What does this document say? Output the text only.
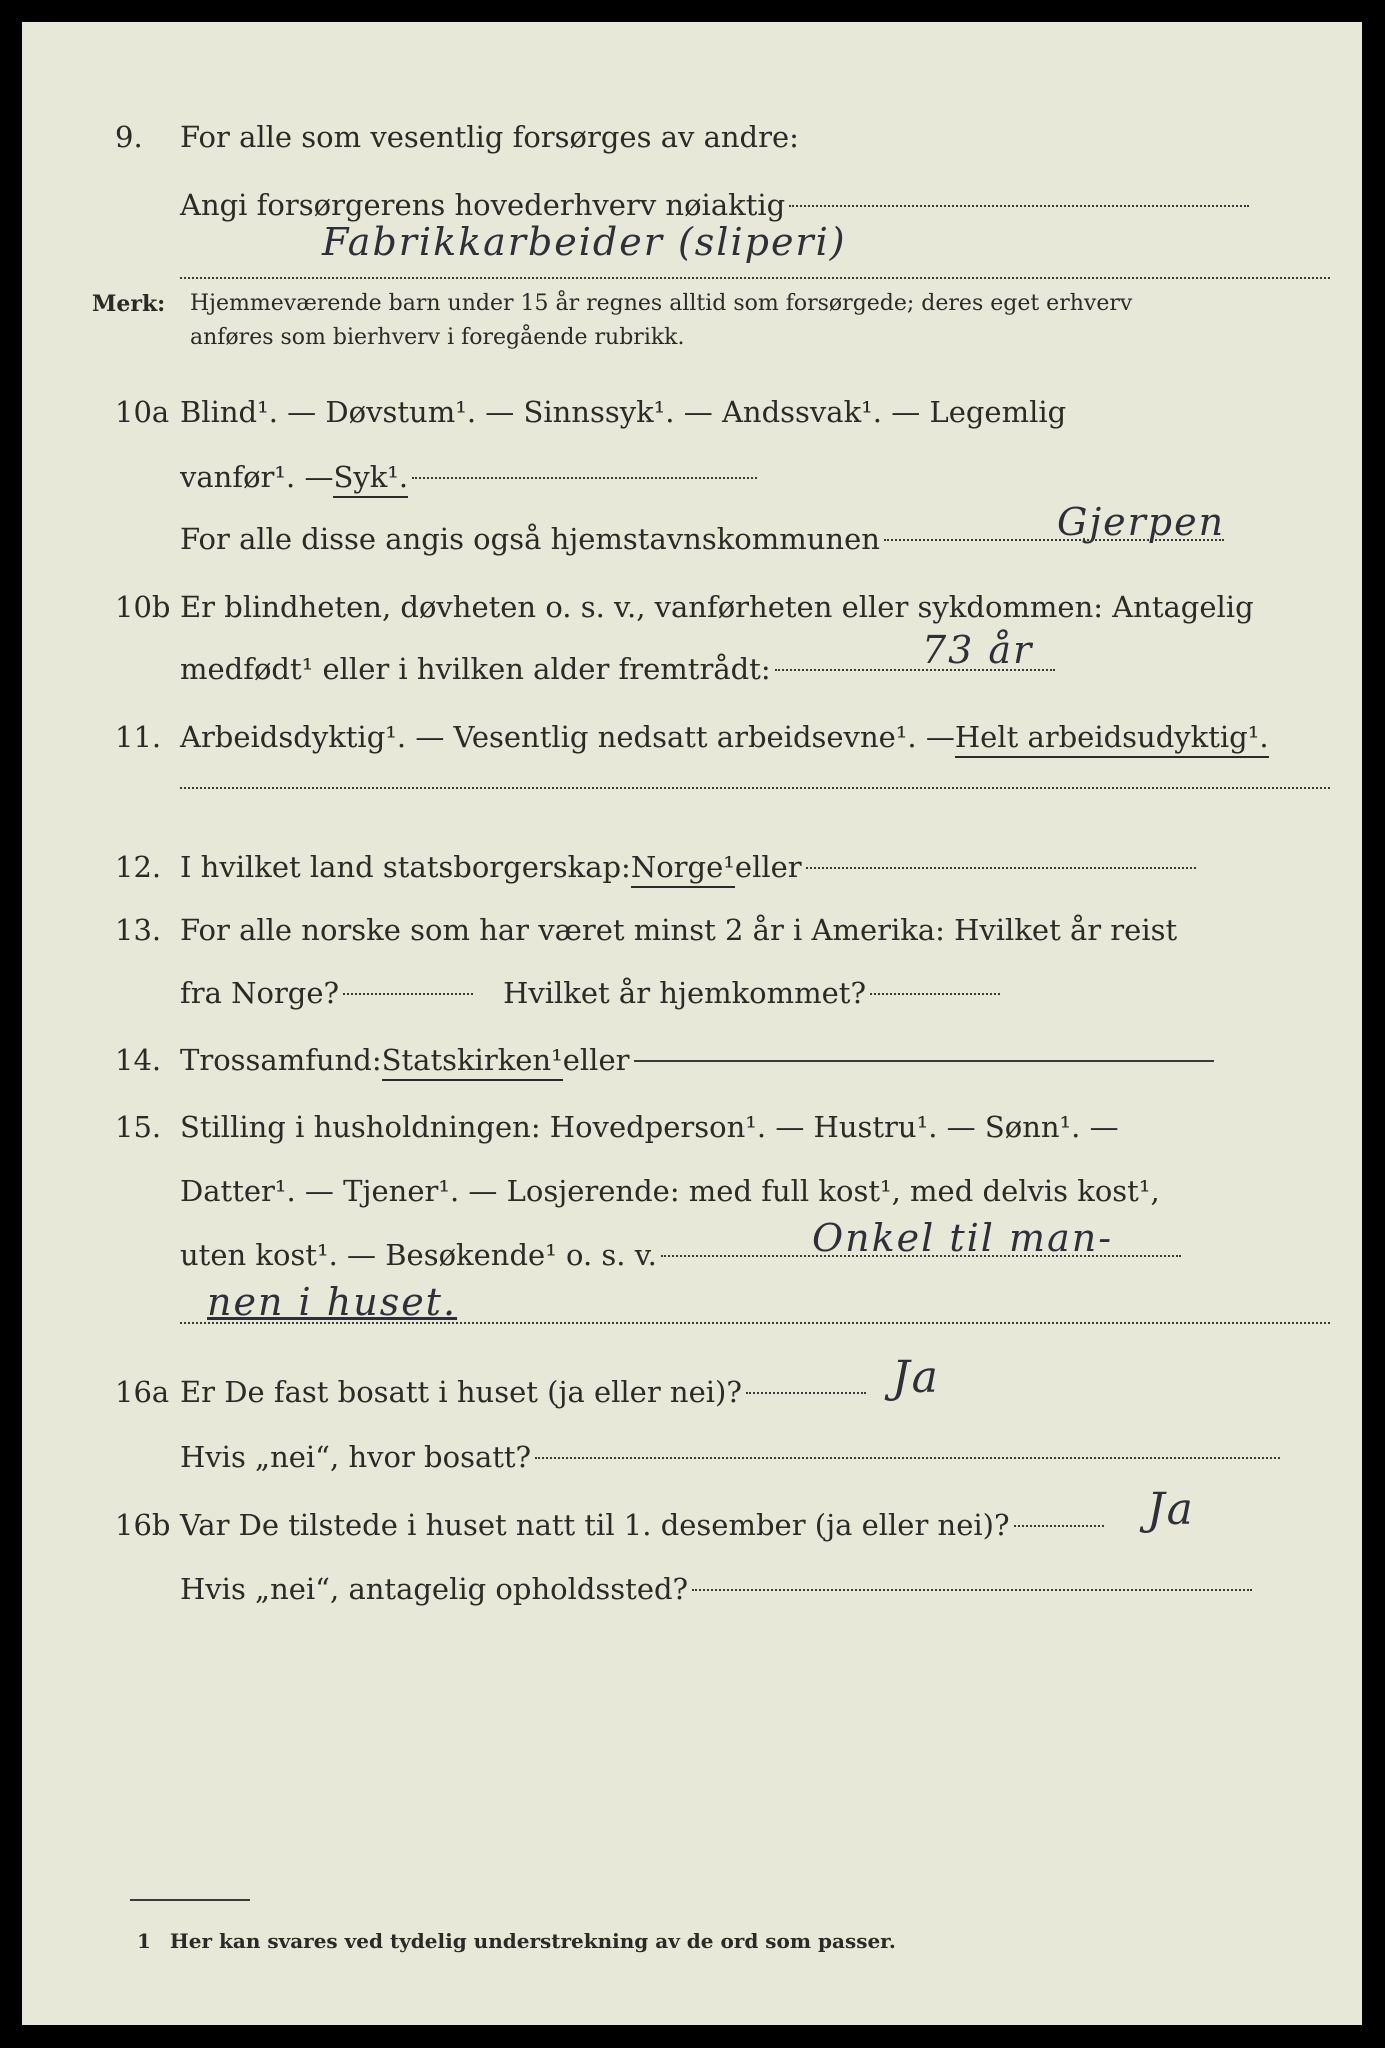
9. For alle som vesentlig forsørges av andre:
Angi forsørgerens hovederhverv nøiaktig
Fabrikkarbeider (sliperi)
Merk: Hjemmeværende barn under 15 år regnes alltid som forsørgede; deres eget erhverv
anføres som bierhverv i foregående rubrikk.
10a Blind¹. — Døvstum¹. — Sinnssyk¹. — Andssvak¹. — Legemlig
vanfør¹. — Syk¹.
For alle disse angis også hjemstavnskommunen	Gjerpen
10b Er blindheten, døvheten o. s. v., vanførheten eller sykdommen: Antagelig
medfødt¹ eller i hvilken alder fremtrådt:	73 år
11. Arbeidsdyktig¹. — Vesentlig nedsatt arbeidsevne¹. — Helt arbeidsudyktig¹.
12. I hvilket land statsborgerskap: Norge¹ eller
13. For alle norske som har været minst 2 år i Amerika: Hvilket år reist
fra Norge?	Hvilket år hjemkommet?
14. Trossamfund: Statskirken¹ eller
15. Stilling i husholdningen: Hovedperson¹. — Hustru¹. — Sønn¹. —
Datter¹. — Tjener¹. — Losjerende: med full kost¹, med delvis kost¹,
uten kost¹. — Besøkende¹ o. s. v.	Onkel til man-
nen i huset.
16a Er De fast bosatt i huset (ja eller nei)?	Ja
Hvis „nei“, hvor bosatt?
16b Var De tilstede i huset natt til 1. desember (ja eller nei)?	Ja
Hvis „nei“, antagelig opholdssted?
1 Her kan svares ved tydelig understrekning av de ord som passer.
